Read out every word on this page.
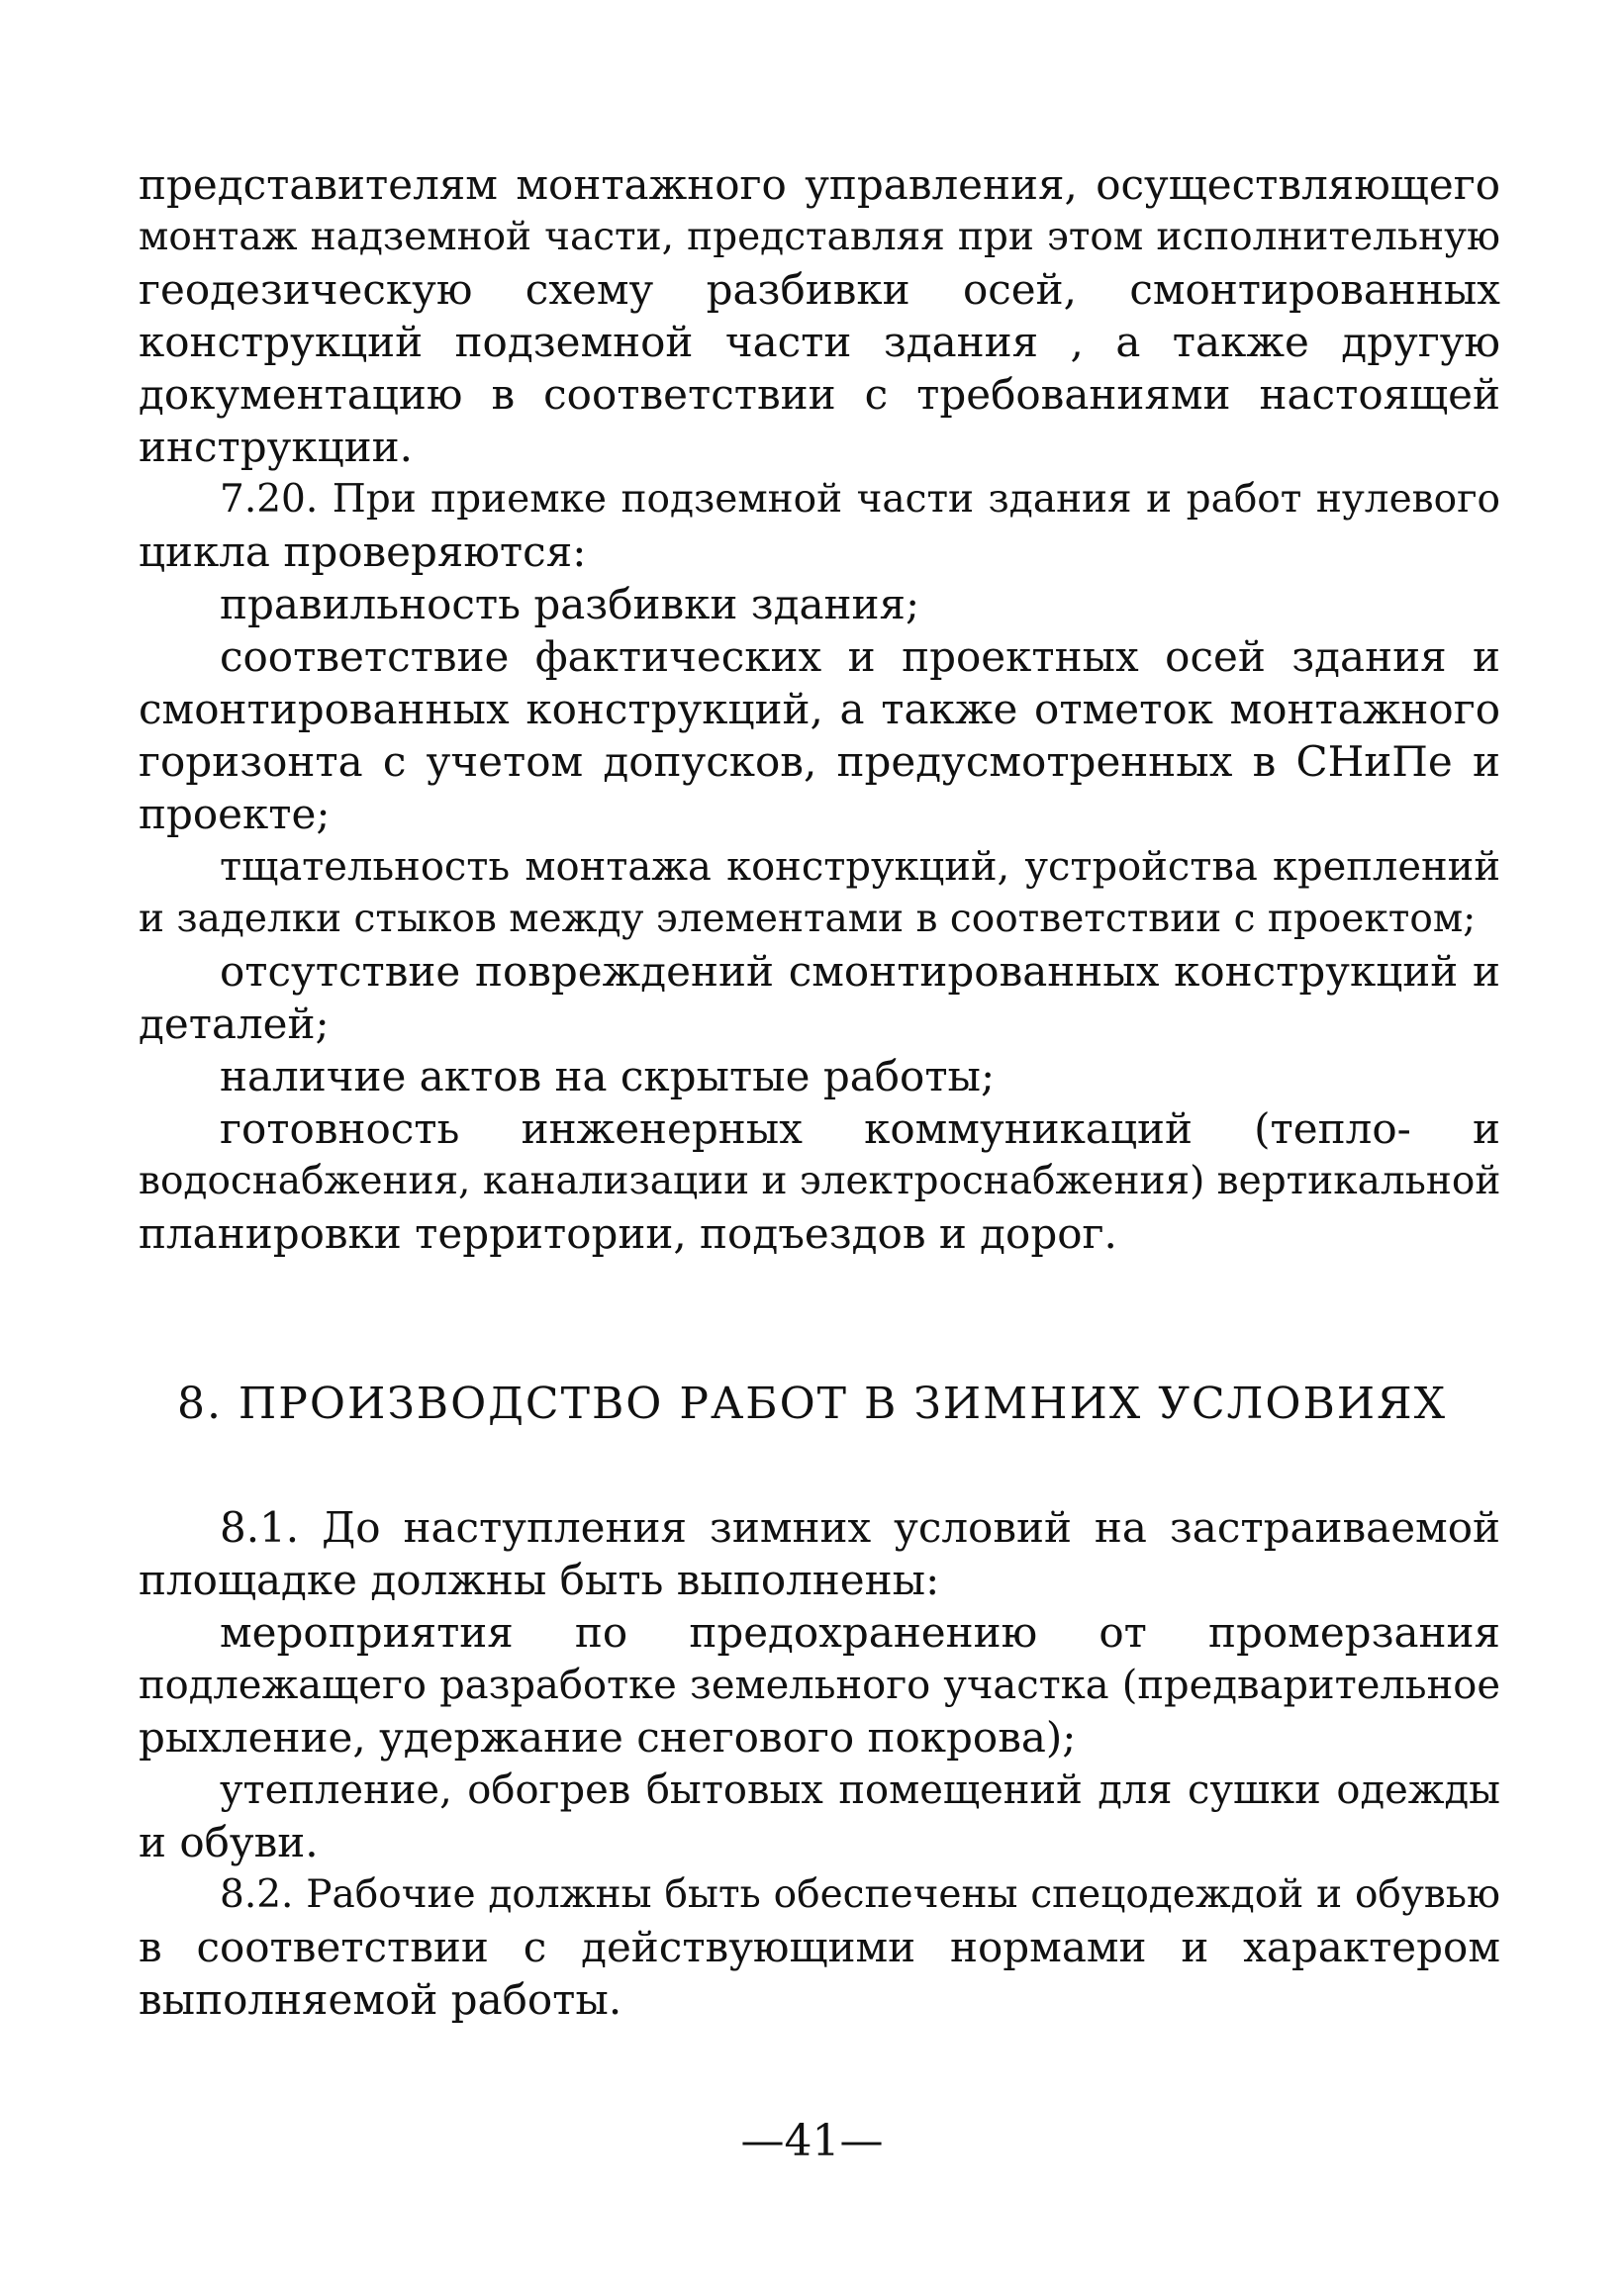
представителям монтажного управления, осуществляющего
монтаж надземной части, представляя при этом исполнительную
геодезическую схему разбивки осей, смонтированных
конструкций подземной части здания , а также другую
документацию в соответствии с требованиями настоящей
инструкции.
7.20. При приемке подземной части здания и работ нулевого
цикла проверяются:
правильность разбивки здания;
соответствие фактических и проектных осей здания и
смонтированных конструкций, а также отметок монтажного
горизонта с учетом допусков, предусмотренных в СНиПе и
проекте;
тщательность монтажа конструкций, устройства креплений
и заделки стыков между элементами в соответствии с проектом;
отсутствие повреждений смонтированных конструкций и
деталей;
наличие актов на скрытые работы;
готовность инженерных коммуникаций (тепло- и
водоснабжения, канализации и электроснабжения) вертикальной
планировки территории, подъездов и дорог.
8. ПРОИЗВОДСТВО РАБОТ В ЗИМНИХ УСЛОВИЯХ
8.1. До наступления зимних условий на застраиваемой
площадке должны быть выполнены:
мероприятия по предохранению от промерзания
подлежащего разработке земельного участка (предварительное
рыхление, удержание снегового покрова);
утепление, обогрев бытовых помещений для сушки одежды
и обуви.
8.2. Рабочие должны быть обеспечены спецодеждой и обувью
в соответствии с действующими нормами и характером
выполняемой работы.
—41—
